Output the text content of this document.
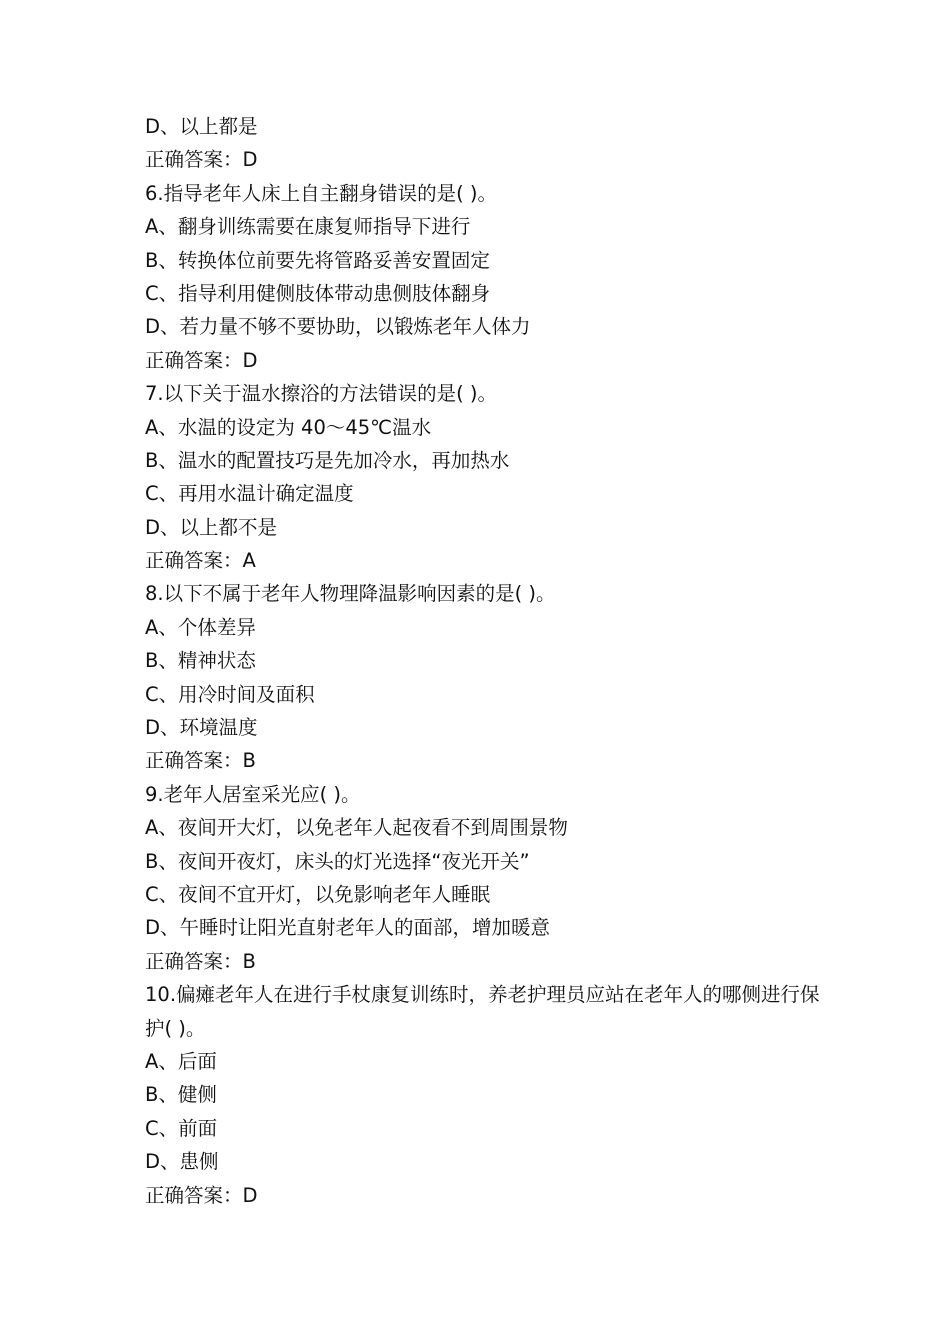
D、以上都是
正确答案：D
6.指导老年人床上自主翻身错误的是( )。
A、翻身训练需要在康复师指导下进行
B、转换体位前要先将管路妥善安置固定
C、指导利用健侧肢体带动患侧肢体翻身
D、若力量不够不要协助，以锻炼老年人体力
正确答案：D
7.以下关于温水擦浴的方法错误的是( )。
A、水温的设定为 40～45℃温水
B、温水的配置技巧是先加冷水，再加热水
C、再用水温计确定温度
D、以上都不是
正确答案：A
8.以下不属于老年人物理降温影响因素的是( )。
A、个体差异
B、精神状态
C、用冷时间及面积
D、环境温度
正确答案：B
9.老年人居室采光应( )。
A、夜间开大灯，以免老年人起夜看不到周围景物
B、夜间开夜灯，床头的灯光选择“夜光开关”
C、夜间不宜开灯，以免影响老年人睡眠
D、午睡时让阳光直射老年人的面部，增加暖意
正确答案：B
10.偏瘫老年人在进行手杖康复训练时，养老护理员应站在老年人的哪侧进行保护( )。
A、后面
B、健侧
C、前面
D、患侧
正确答案：D
